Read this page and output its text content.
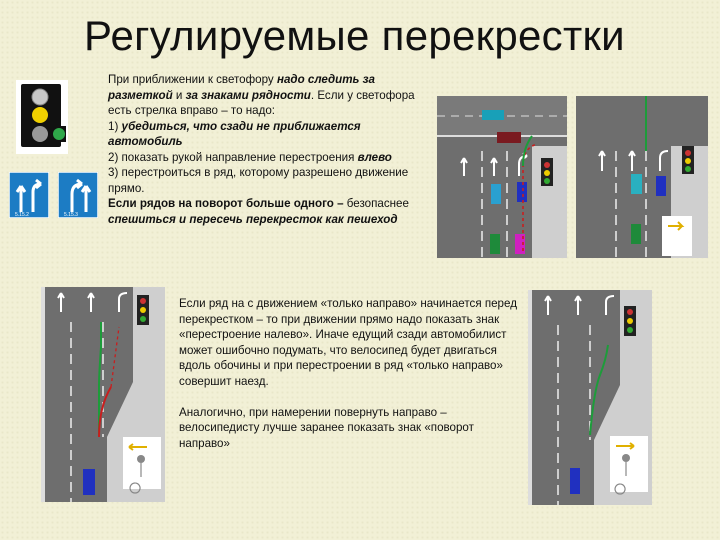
Регулируемые перекрестки
5.15.2	5.15.3
При приближении к светофору надо следить за разметкой и за знаками рядности. Если у светофора есть стрелка вправо – то надо:
1) убедиться, что сзади не приближается автомобиль
2) показать рукой направление перестроения влево
3) перестроиться в ряд, которому разрешено движение прямо.
Если рядов на поворот больше одного – безопаснее спешиться и пересечь перекресток как пешеход

Если ряд на с движением «только направо» начинается перед перекрестком – то при движении прямо надо показать знак «перестроение налево». Иначе едущий сзади автомобилист может ошибочно подумать, что велосипед будет двигаться вдоль обочины и при перестроении в ряд «только направо» совершит наезд.

Аналогично, при намерении повернуть направо – велосипедисту лучше заранее показать знак «поворот направо»
